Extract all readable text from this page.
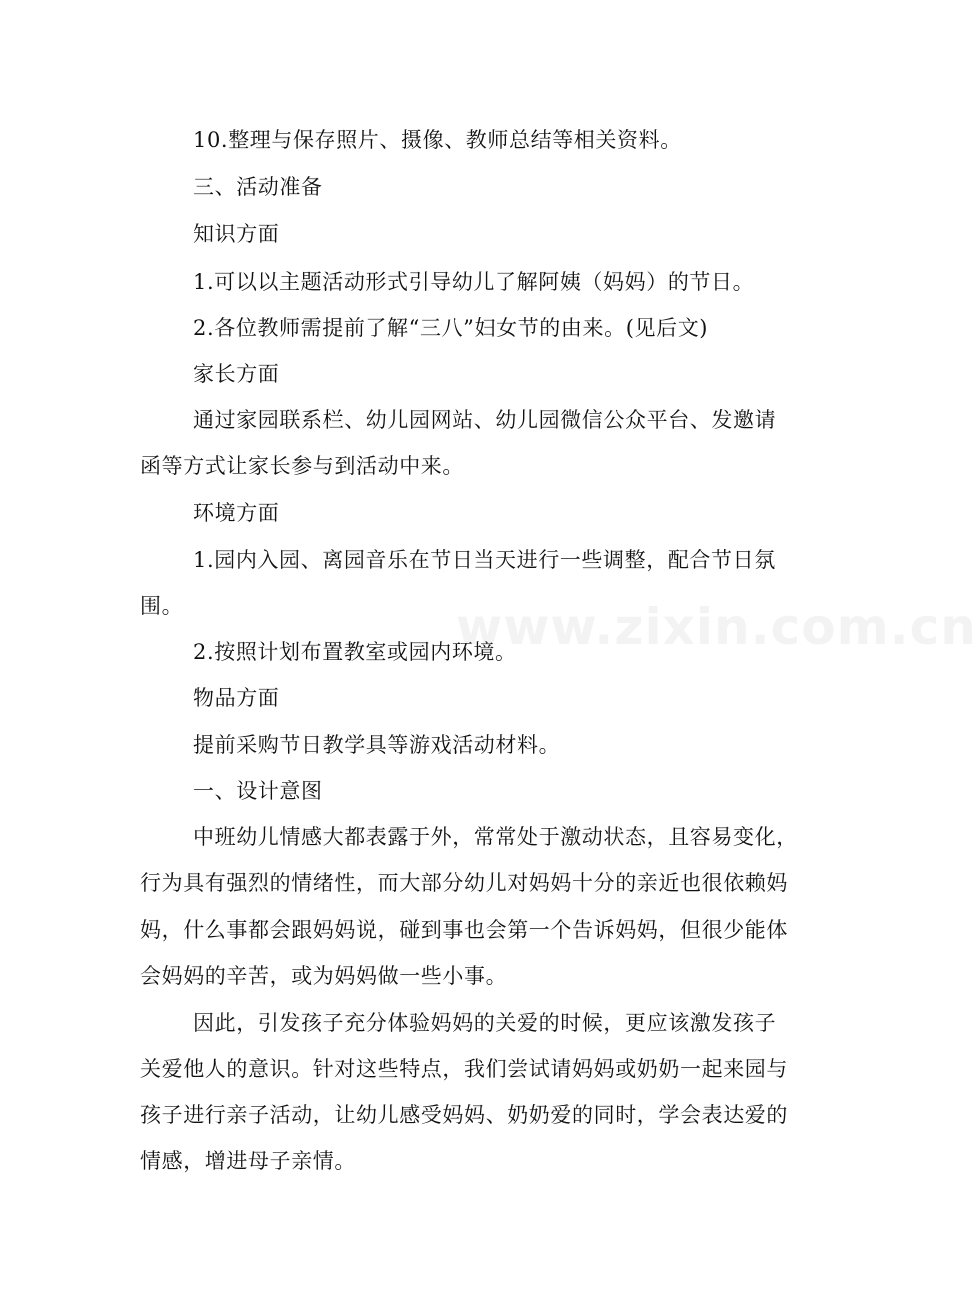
10.整理与保存照片、摄像、教师总结等相关资料。
三、活动准备
知识方面
1.可以以主题活动形式引导幼儿了解阿姨（妈妈）的节日。
2.各位教师需提前了解“三八”妇女节的由来。(见后文)
家长方面
通过家园联系栏、幼儿园网站、幼儿园微信公众平台、发邀请
函等方式让家长参与到活动中来。
环境方面
1.园内入园、离园音乐在节日当天进行一些调整，配合节日氛
围。
2.按照计划布置教室或园内环境。
物品方面
提前采购节日教学具等游戏活动材料。
一、设计意图
中班幼儿情感大都表露于外，常常处于激动状态，且容易变化，
行为具有强烈的情绪性，而大部分幼儿对妈妈十分的亲近也很依赖妈
妈，什么事都会跟妈妈说，碰到事也会第一个告诉妈妈，但很少能体
会妈妈的辛苦，或为妈妈做一些小事。
因此，引发孩子充分体验妈妈的关爱的时候，更应该激发孩子
关爱他人的意识。针对这些特点，我们尝试请妈妈或奶奶一起来园与
孩子进行亲子活动，让幼儿感受妈妈、奶奶爱的同时，学会表达爱的
情感，增进母子亲情。
www.zixin.com.cn
